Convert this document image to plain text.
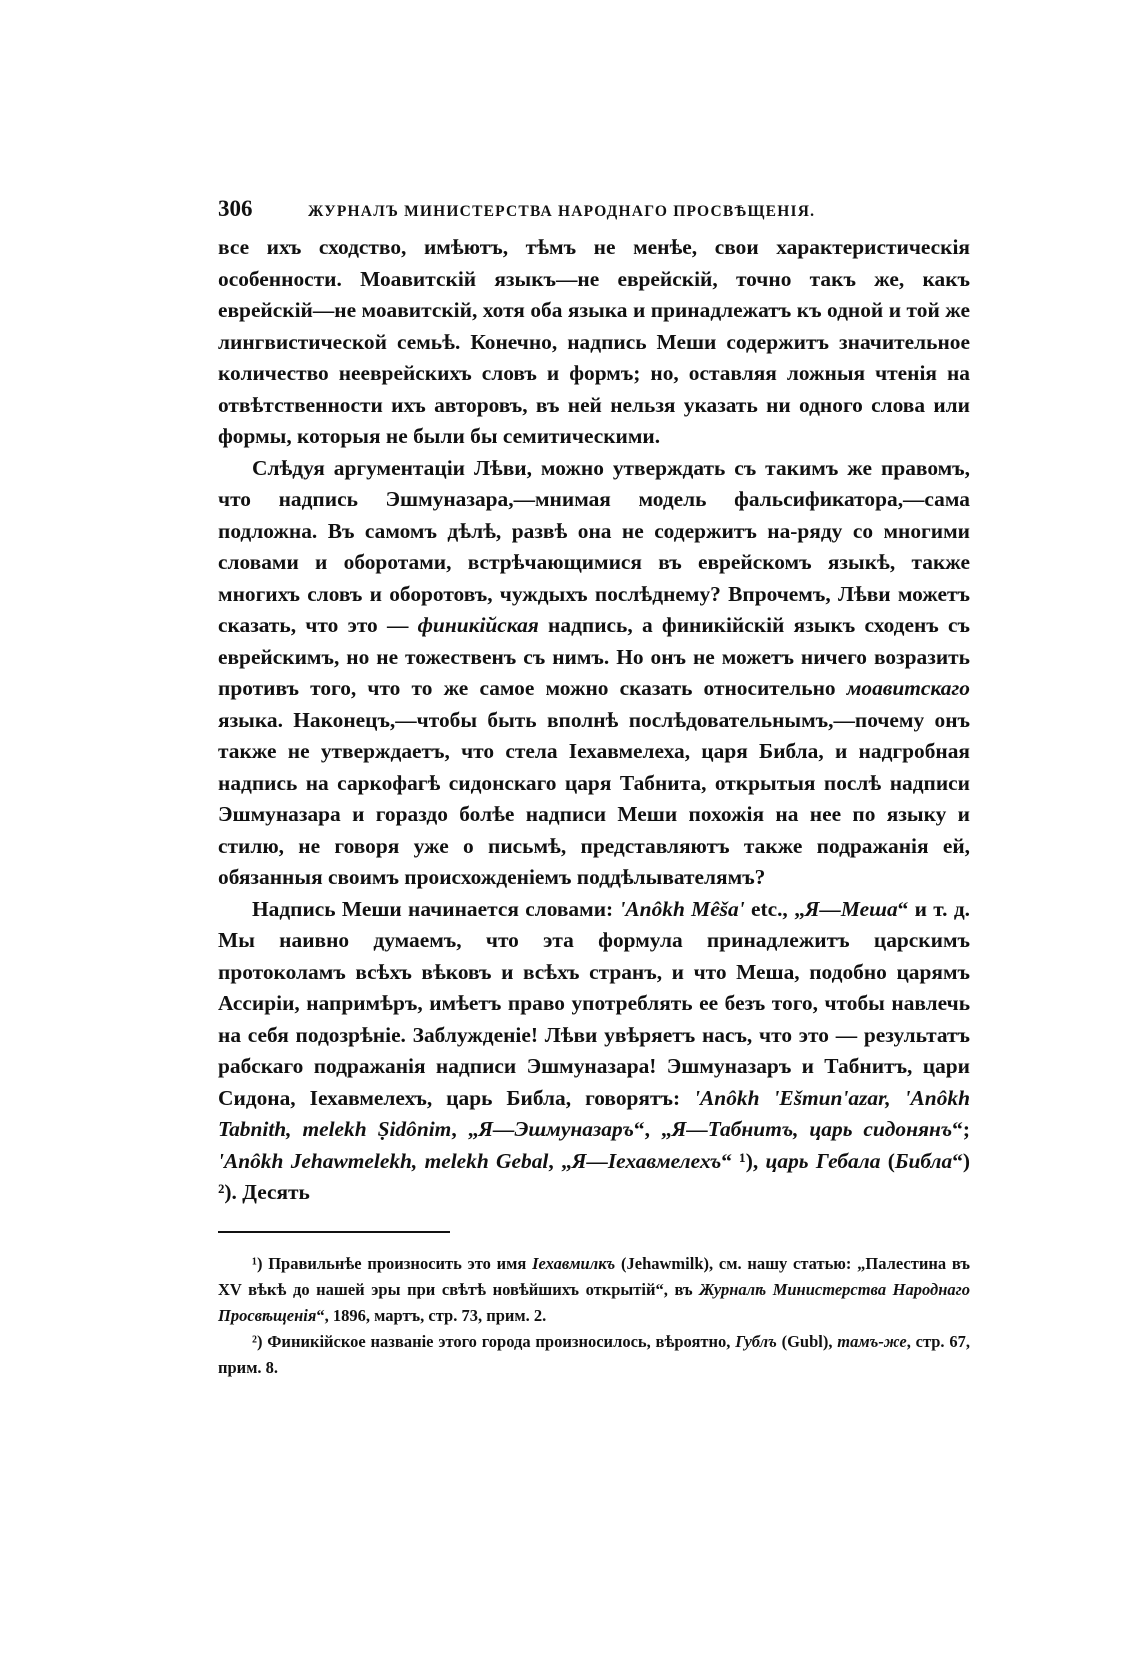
306	ЖУРНАЛЪ МИНИСТЕРСТВА НАРОДНАГО ПРОСВѢЩЕНІЯ.

все ихъ сходство, имѣютъ, тѣмъ не менѣе, свои характеристическія особенности. Моавитскій языкъ—не еврейскій, точно такъ же, какъ еврейскій—не моавитскій, хотя оба языка и принадлежатъ къ одной и той же лингвистической семьѣ. Конечно, надпись Меши содержитъ значительное количество нееврейскихъ словъ и формъ; но, оставляя ложныя чтенія на отвѣтственности ихъ авторовъ, въ ней нельзя указать ни одного слова или формы, которыя не были бы семитическими.

Слѣдуя аргументаціи Лѣви, можно утверждать съ такимъ же правомъ, что надпись Эшмуназара,—мнимая модель фальсификатора,—сама подложна. Въ самомъ дѣлѣ, развѣ она не содержитъ на-ряду со многими словами и оборотами, встрѣчающимися въ еврейскомъ языкѣ, также многихъ словъ и оборотовъ, чуждыхъ послѣднему? Впрочемъ, Лѣви можетъ сказать, что это — финикійская надпись, а финикійскій языкъ сходенъ съ еврейскимъ, но не тожественъ съ нимъ. Но онъ не можетъ ничего возразить противъ того, что то же самое можно сказать относительно моавитскаго языка. Наконецъ,—чтобы быть вполнѣ послѣдовательнымъ,—почему онъ также не утверждаетъ, что стела Іехавмелеха, царя Библа, и надгробная надпись на саркофагѣ сидонскаго царя Табнита, открытыя послѣ надписи Эшмуназара и гораздо болѣе надписи Меши похожія на нее по языку и стилю, не говоря уже о письмѣ, представляютъ также подражанія ей, обязанныя своимъ происхожденіемъ поддѣлывателямъ?

Надпись Меши начинается словами: 'Anôkh Mêša' etc., „Я—Меша“ и т. д. Мы наивно думаемъ, что эта формула принадлежитъ царскимъ протоколамъ всѣхъ вѣковъ и всѣхъ странъ, и что Меша, подобно царямъ Ассиріи, напримѣръ, имѣетъ право употреблять ее безъ того, чтобы навлечь на себя подозрѣніе. Заблужденіе! Лѣви увѣряетъ насъ, что это — результатъ рабскаго подражанія надписи Эшмуназара! Эшмуназаръ и Табнитъ, цари Сидона, Іехавмелехъ, царь Библа, говорятъ: 'Anôkh 'Ešmun'azar, 'Anôkh Tabnith, melekh Ṣidônim, „Я—Эшмуназаръ“, „Я—Табнитъ, царь сидонянъ“; 'Anôkh Jehawmelekh, melekh Gebal, „Я—Іехавмелехъ“ ¹), царь Гебала (Библа“) ²). Десять

¹) Правильнѣе произносить это имя Іехавмилкъ (Jehawmilk), см. нашу статью: „Палестина въ XV вѣкѣ до нашей эры при свѣтѣ новѣйшихъ открытій“, въ Журналѣ Министерства Народнаго Просвѣщенія“, 1896, мартъ, стр. 73, прим. 2.

²) Финикійское названіе этого города произносилось, вѣроятно, Гублъ (Gubl), тамъ-же, стр. 67, прим. 8.
